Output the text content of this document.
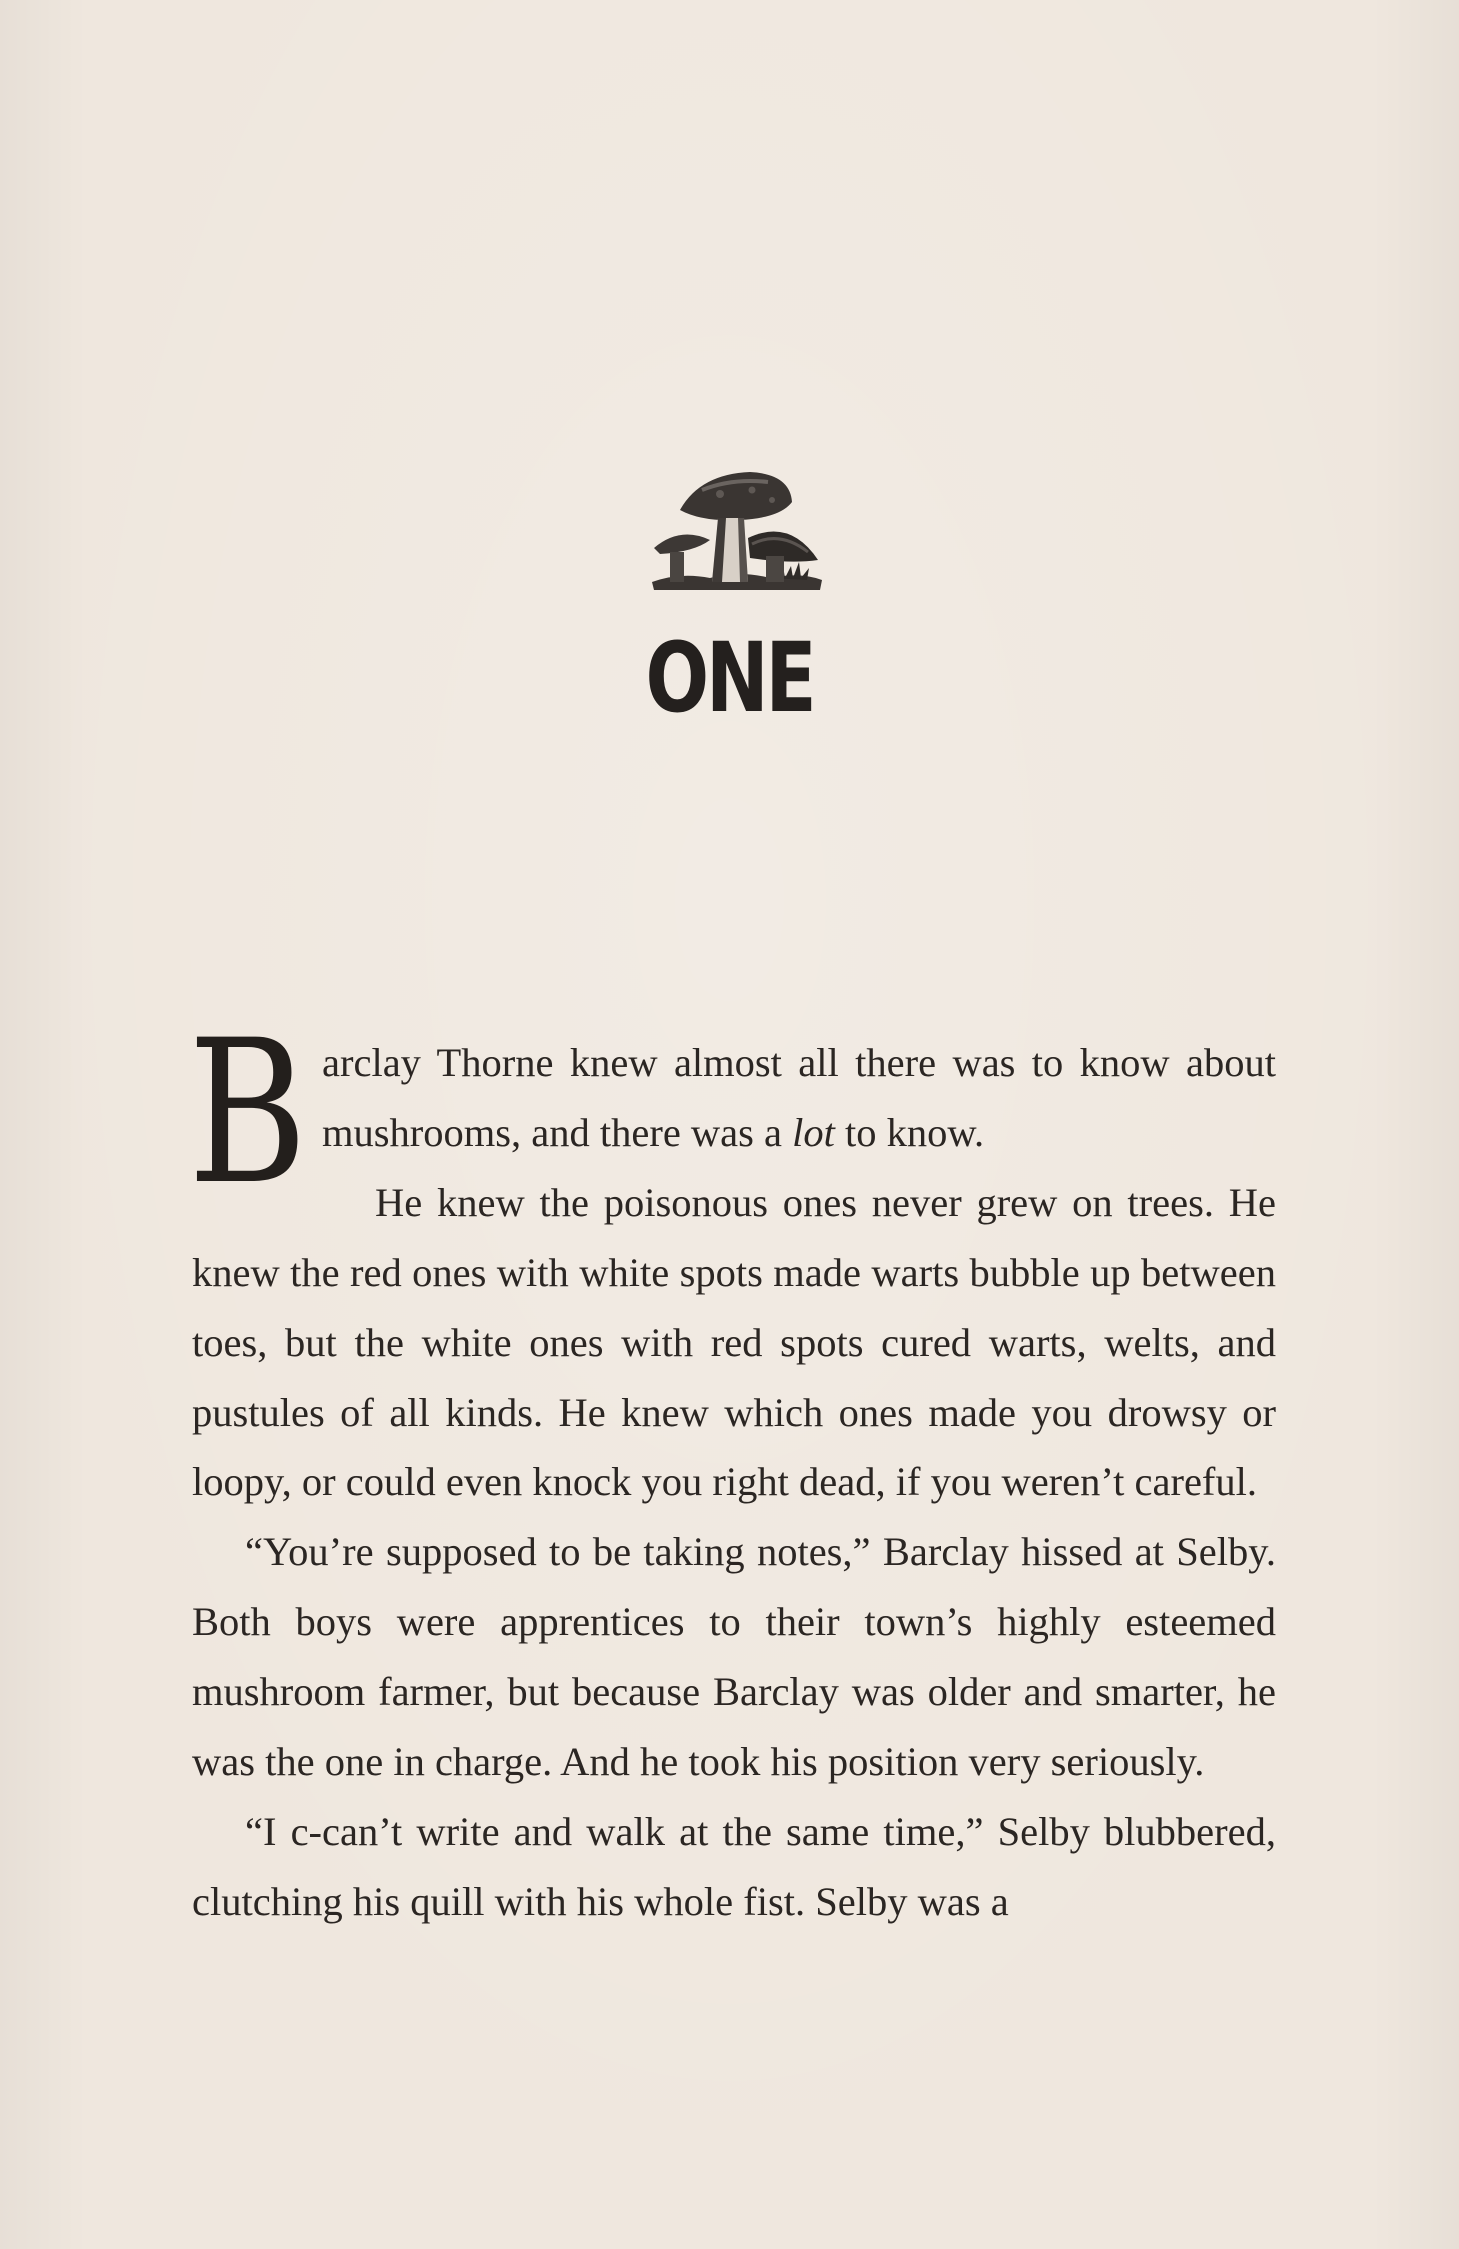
ONE

Barclay Thorne knew almost all there was to know about mushrooms, and there was a lot to know.

He knew the poisonous ones never grew on trees. He knew the red ones with white spots made warts bubble up between toes, but the white ones with red spots cured warts, welts, and pustules of all kinds. He knew which ones made you drowsy or loopy, or could even knock you right dead, if you weren’t careful.

“You’re supposed to be taking notes,” Barclay hissed at Selby. Both boys were apprentices to their town’s highly esteemed mushroom farmer, but because Barclay was older and smarter, he was the one in charge. And he took his position very seriously.

“I c-can’t write and walk at the same time,” Selby blubbered, clutching his quill with his whole fist. Selby was a
